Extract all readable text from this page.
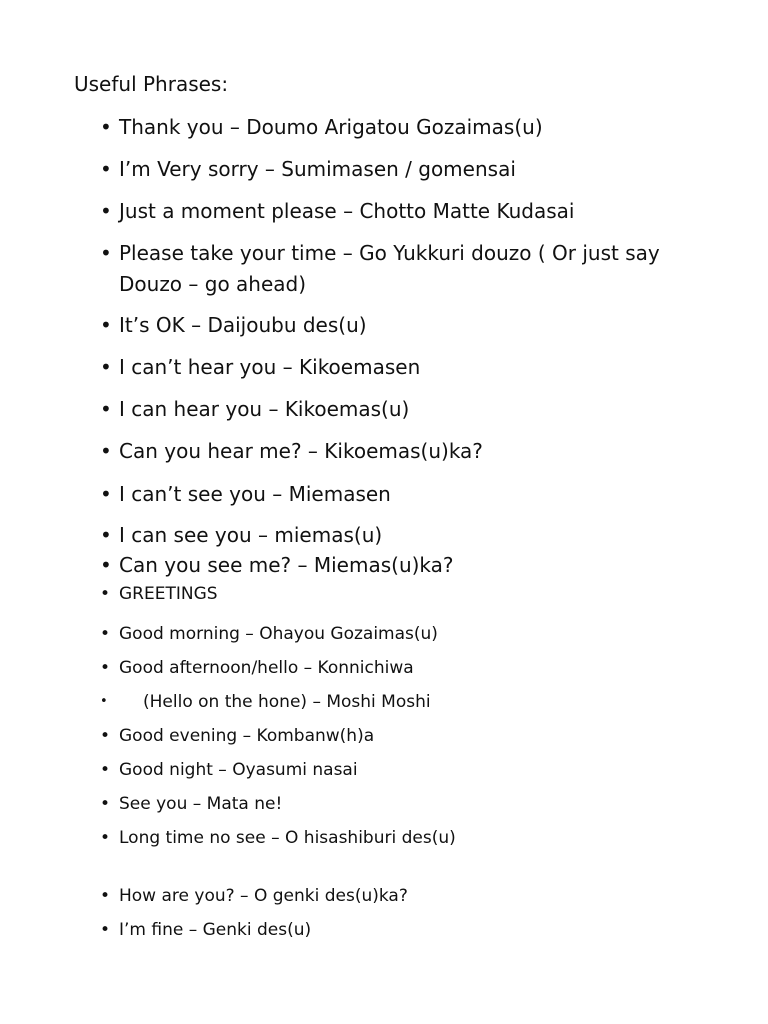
Useful Phrases:
• Thank you – Doumo Arigatou Gozaimas(u)
• I’m Very sorry – Sumimasen / gomensai
• Just a moment please – Chotto Matte Kudasai
• Please take your time – Go Yukkuri douzo ( Or just say Douzo – go ahead)
• It’s OK – Daijoubu des(u)
• I can’t hear you – Kikoemasen
• I can hear you – Kikoemas(u)
• Can you hear me? – Kikoemas(u)ka?
• I can’t see you – Miemasen
• I can see you – miemas(u)
• Can you see me? – Miemas(u)ka?
• GREETINGS
• Good morning – Ohayou Gozaimas(u)
• Good afternoon/hello – Konnichiwa
•	(Hello on the hone) – Moshi Moshi
• Good evening – Kombanw(h)a
• Good night – Oyasumi nasai
• See you – Mata ne!
• Long time no see – O hisashiburi des(u)
• How are you? – O genki des(u)ka?
• I’m fine – Genki des(u)
